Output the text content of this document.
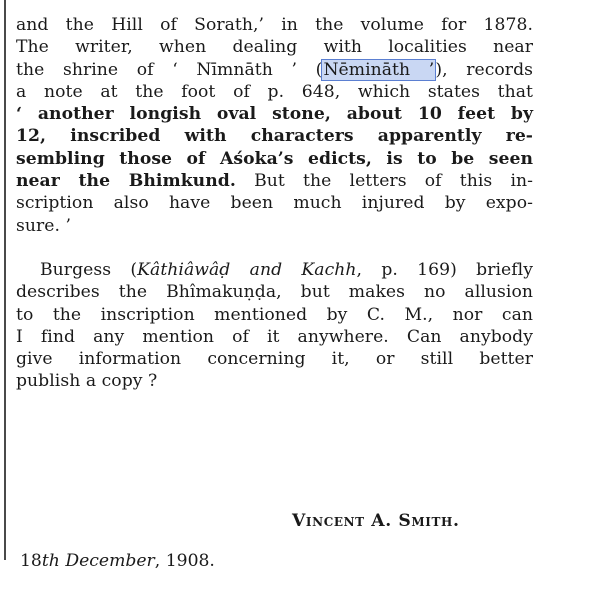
and the Hill of Sorath,’ in the volume for 1878.
The writer, when dealing with localities near
the shrine of ‘ Nīmnāth ’ (Nēmināth ’), records
a note at the foot of p. 648, which states that
‘ another longish oval stone, about 10 feet by
12, inscribed with characters apparently re-
sembling those of Aśoka’s edicts, is to be seen
near the Bhimkund. But the letters of this in-
scription also have been much injured by expo-
sure. ’
Burgess (Kâthiâwâḍ and Kachh, p. 169) briefly
describes the Bhîmakuṇḍa, but makes no allusion
to the inscription mentioned by C. M., nor can
I find any mention of it anywhere. Can anybody
give information concerning it, or still better
publish a copy ?
Vincent A. Smith.
18th December, 1908.
